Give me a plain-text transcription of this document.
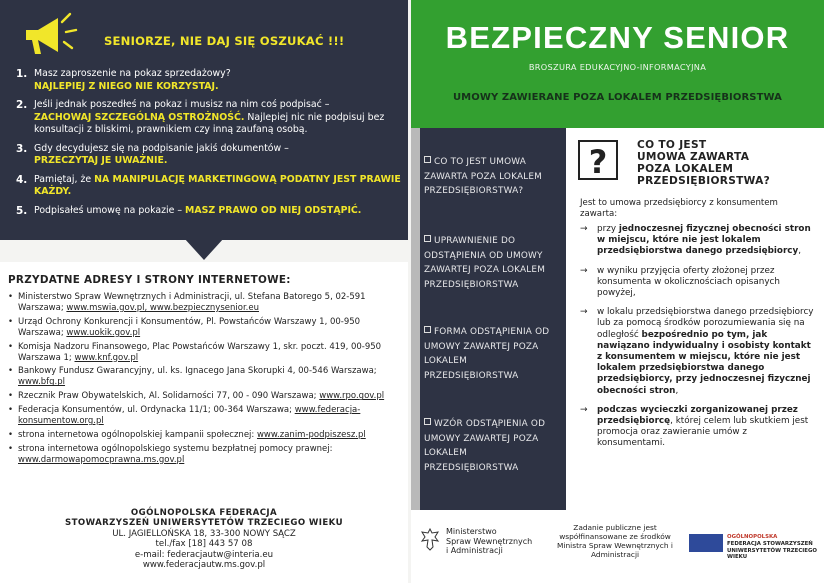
SENIORZE, NIE DAJ SIĘ OSZUKAĆ !!!
1. Masz zaproszenie na pokaz sprzedażowy?
NAJLEPIEJ Z NIEGO NIE KORZYSTAJ.
2. Jeśli jednak poszedłeś na pokaz i musisz na nim coś podpisać –
ZACHOWAJ SZCZEGÓLNĄ OSTROŻNOŚĆ. Najlepiej nic nie podpisuj bez konsultacji z bliskimi, prawnikiem czy inną zaufaną osobą.
3. Gdy decydujesz się na podpisanie jakiś dokumentów –
PRZECZYTAJ JE UWAŻNIE.
4. Pamiętaj, że NA MANIPULACJĘ MARKETINGOWĄ PODATNY JEST PRAWIE KAŻDY.
5. Podpisałeś umowę na pokazie – MASZ PRAWO OD NIEJ ODSTĄPIĆ.
PRZYDATNE ADRESY I STRONY INTERNETOWE:
• Ministerstwo Spraw Wewnętrznych i Administracji, ul. Stefana Batorego 5, 02-591 Warszawa; www.mswia.gov.pl, www.bezpiecznysenior.eu
• Urząd Ochrony Konkurencji i Konsumentów, Pl. Powstańców Warszawy 1, 00-950 Warszawa; www.uokik.gov.pl
• Komisja Nadzoru Finansowego, Plac Powstańców Warszawy 1, skr. poczt. 419, 00-950 Warszawa 1; www.knf.gov.pl
• Bankowy Fundusz Gwarancyjny, ul. ks. Ignacego Jana Skorupki 4, 00-546 Warszawa; www.bfg.pl
• Rzecznik Praw Obywatelskich, Al. Solidarności 77, 00 - 090 Warszawa; www.rpo.gov.pl
• Federacja Konsumentów, ul. Ordynacka 11/1; 00-364 Warszawa; www.federacja-konsumentow.org.pl
• strona internetowa ogólnopolskiej kampanii społecznej: www.zanim-podpiszesz.pl
• strona internetowa ogólnopolskiego systemu bezpłatnej pomocy prawnej: www.darmowapomocprawna.ms.gov.pl
OGÓLNOPOLSKA FEDERACJA
STOWARZYSZEŃ UNIWERSYTETÓW TRZECIEGO WIEKU
UL. JAGIELLOŃSKA 18, 33-300 NOWY SĄCZ
tel./fax [18] 443 57 08
e-mail: federacjautw@interia.eu
www.federacjautw.ms.gov.pl
BEZPIECZNY SENIOR
BROSZURA EDUKACYJNO-INFORMACYJNA
UMOWY ZAWIERANE POZA LOKALEM PRZEDSIĘBIORSTWA
CO TO JEST UMOWA ZAWARTA POZA LOKALEM PRZEDSIĘBIORSTWA?
UPRAWNIENIE DO ODSTĄPIENIA OD UMOWY ZAWARTEJ POZA LOKALEM PRZEDSIĘBIORSTWA
FORMA ODSTĄPIENIA OD UMOWY ZAWARTEJ POZA LOKALEM PRZEDSIĘBIORSTWA
WZÓR ODSTĄPIENIA OD UMOWY ZAWARTEJ POZA LOKALEM PRZEDSIĘBIORSTWA
?	CO TO JEST
UMOWA ZAWARTA
POZA LOKALEM
PRZEDSIĘBIORSTWA?
Jest to umowa przedsiębiorcy z konsumentem zawarta:
→ przy jednoczesnej fizycznej obecności stron w miejscu, które nie jest lokalem przedsiębiorstwa danego przedsiębiorcy,
→ w wyniku przyjęcia oferty złożonej przez konsumenta w okolicznościach opisanych powyżej,
→ w lokalu przedsiębiorstwa danego przedsiębiorcy lub za pomocą środków porozumiewania się na odległość bezpośrednio po tym, jak nawiązano indywidualny i osobisty kontakt z konsumentem w miejscu, które nie jest lokalem przedsiębiorstwa danego przedsiębiorcy, przy jednoczesnej fizycznej obecności stron,
→ podczas wycieczki zorganizowanej przez przedsiębiorcę, której celem lub skutkiem jest promocja oraz zawieranie umów z konsumentami.
Ministerstwo
Spraw Wewnętrznych
i Administracji
Zadanie publiczne jest współfinansowane ze środków Ministra Spraw Wewnętrznych i Administracji
OGÓLNOPOLSKA
FEDERACJA STOWARZYSZEŃ
UNIWERSYTETÓW TRZECIEGO WIEKU
